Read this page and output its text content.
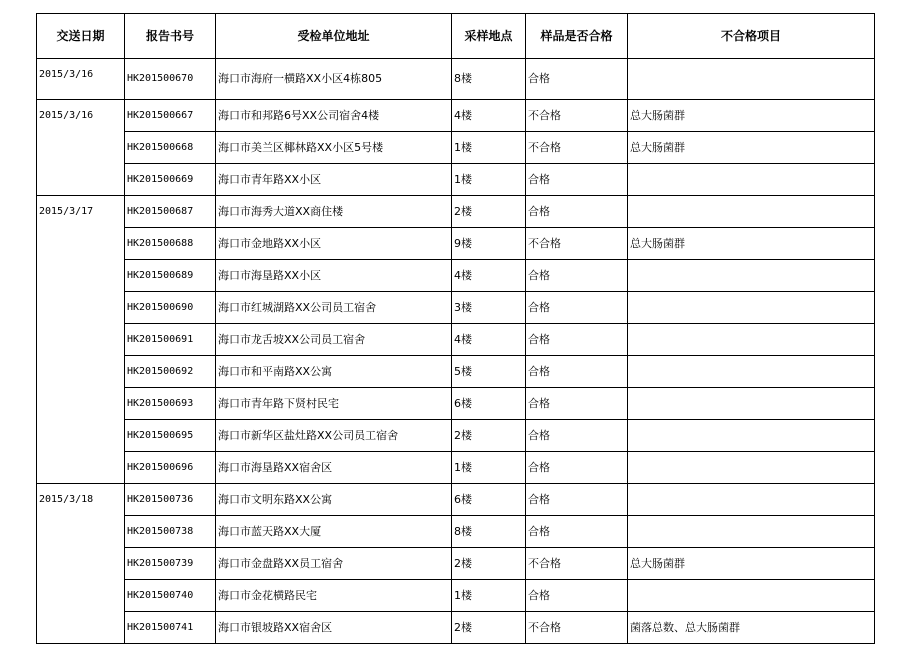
交送日期	报告书号	受检单位地址	采样地点	样品是否合格	不合格项目
2015/3/16	HK201500670	海口市海府一横路XX小区4栋805	8楼	合格	
2015/3/16	HK201500667	海口市和邦路6号XX公司宿舍4楼	4楼	不合格	总大肠菌群
	HK201500668	海口市美兰区椰林路XX小区5号楼	1楼	不合格	总大肠菌群
	HK201500669	海口市青年路XX小区	1楼	合格	
2015/3/17	HK201500687	海口市海秀大道XX商住楼	2楼	合格	
	HK201500688	海口市金地路XX小区	9楼	不合格	总大肠菌群
	HK201500689	海口市海垦路XX小区	4楼	合格	
	HK201500690	海口市红城湖路XX公司员工宿舍	3楼	合格	
	HK201500691	海口市龙舌坡XX公司员工宿舍	4楼	合格	
	HK201500692	海口市和平南路XX公寓	5楼	合格	
	HK201500693	海口市青年路下贤村民宅	6楼	合格	
	HK201500695	海口市新华区盐灶路XX公司员工宿舍	2楼	合格	
	HK201500696	海口市海垦路XX宿舍区	1楼	合格	
2015/3/18	HK201500736	海口市文明东路XX公寓	6楼	合格	
	HK201500738	海口市蓝天路XX大厦	8楼	合格	
	HK201500739	海口市金盘路XX员工宿舍	2楼	不合格	总大肠菌群
	HK201500740	海口市金花横路民宅	1楼	合格	
	HK201500741	海口市银坡路XX宿舍区	2楼	不合格	菌落总数、总大肠菌群
